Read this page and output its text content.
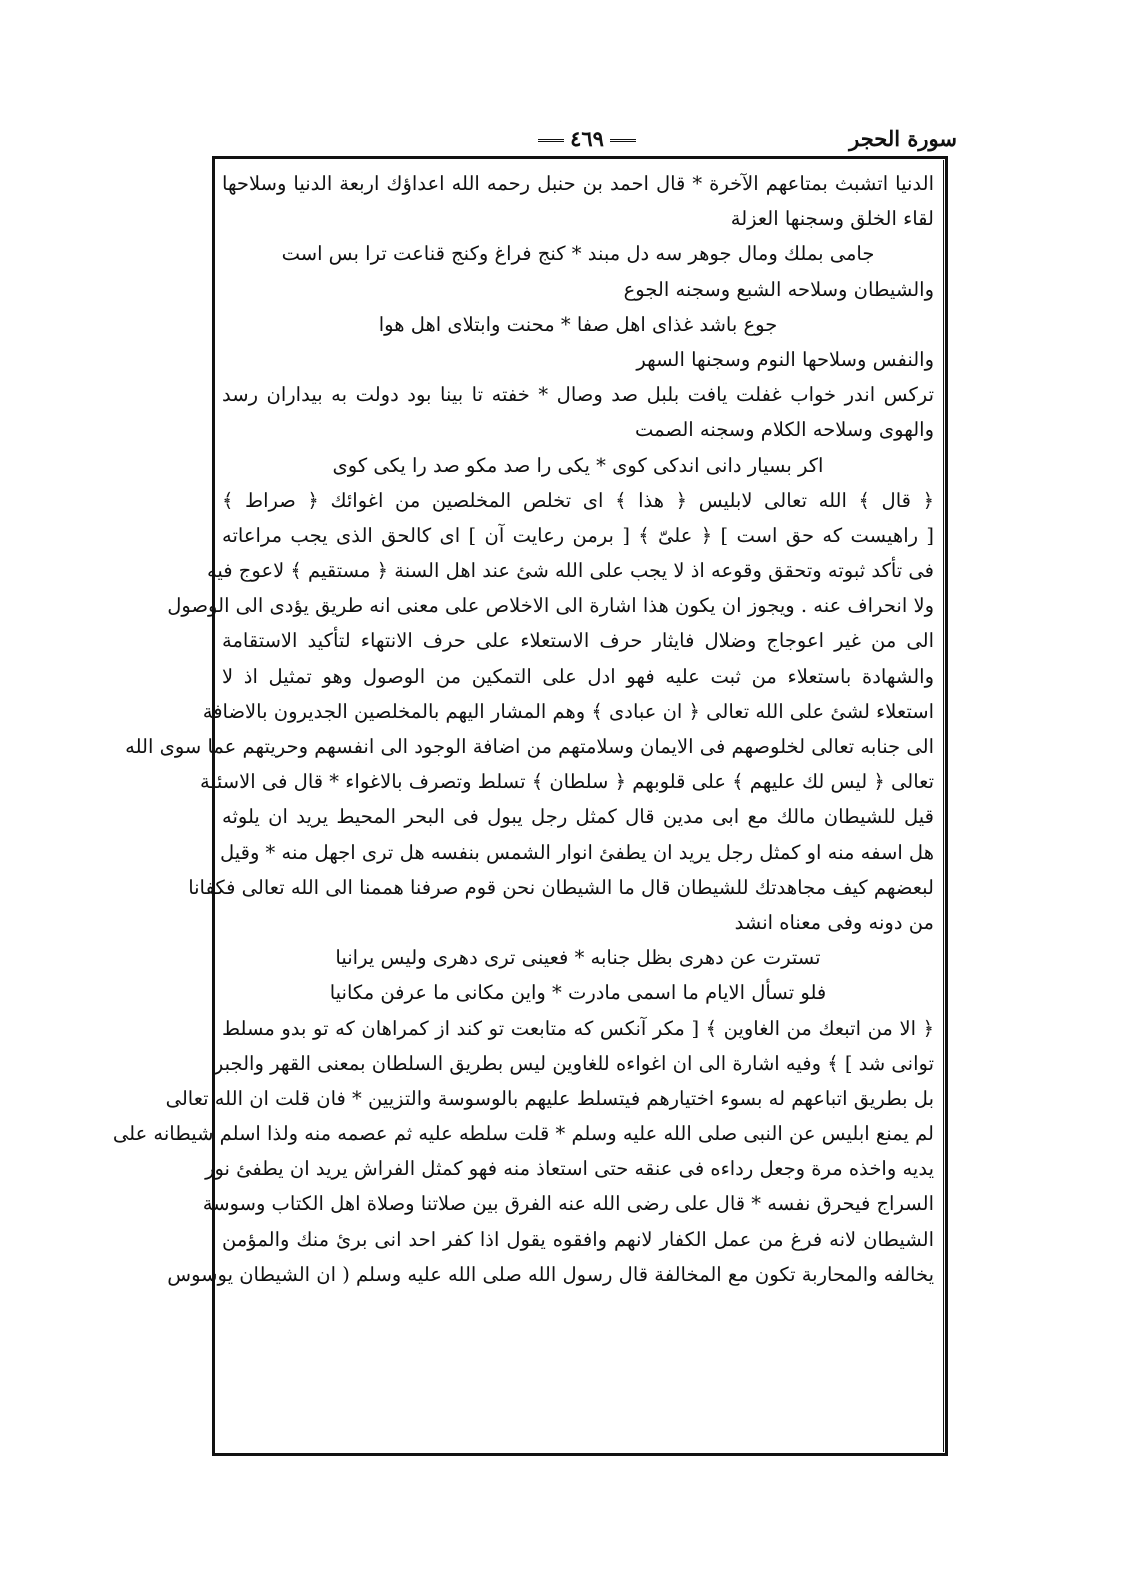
سورة الحجر
٤٦٩
الدنيا اتشبث بمتاعهم الآخرة * قال احمد بن حنبل رحمه الله اعداؤك اربعة الدنيا وسلاحها
لقاء الخلق وسجنها العزلة
جامى بملك ومال جوهر سه دل مبند * كنج فراغ وكنج قناعت ترا بس است
والشيطان وسلاحه الشبع وسجنه الجوع
جوع باشد غذاى اهل صفا * محنت وابتلاى اهل هوا
والنفس وسلاحها النوم وسجنها السهر
تركس اندر خواب غفلت يافت بلبل صد وصال * خفته تا بينا بود دولت به بيداران رسد
والهوى وسلاحه الكلام وسجنه الصمت
اكر بسيار دانى اندكى كوى * يكى را صد مكو صد را يكى كوى
﴿ قال ﴾ الله تعالى لابليس ﴿ هذا ﴾ اى تخلص المخلصين من اغوائك ﴿ صراط ﴾
[ راهيست كه حق است ] ﴿ علىّ ﴾ [ برمن رعايت آن ] اى كالحق الذى يجب مراعاته
فى تأكد ثبوته وتحقق وقوعه اذ لا يجب على الله شئ عند اهل السنة ﴿ مستقيم ﴾ لاعوج فيه
ولا انحراف عنه . ويجوز ان يكون هذا اشارة الى الاخلاص على معنى انه طريق يؤدى الى الوصول
الى من غير اعوجاج وضلال فايثار حرف الاستعلاء على حرف الانتهاء لتأكيد الاستقامة
والشهادة باستعلاء من ثبت عليه فهو ادل على التمكين من الوصول وهو تمثيل اذ لا
استعلاء لشئ على الله تعالى ﴿ ان عبادى ﴾ وهم المشار اليهم بالمخلصين الجديرون بالاضافة
الى جنابه تعالى لخلوصهم فى الايمان وسلامتهم من اضافة الوجود الى انفسهم وحريتهم عما سوى الله
تعالى ﴿ ليس لك عليهم ﴾ على قلوبهم ﴿ سلطان ﴾ تسلط وتصرف بالاغواء * قال فى الاسئلة
قيل للشيطان مالك مع ابى مدين قال كمثل رجل يبول فى البحر المحيط يريد ان يلوثه
هل اسفه منه او كمثل رجل يريد ان يطفئ انوار الشمس بنفسه هل ترى اجهل منه * وقيل
لبعضهم كيف مجاهدتك للشيطان قال ما الشيطان نحن قوم صرفنا هممنا الى الله تعالى فكفانا
من دونه وفى معناه انشد
تسترت عن دهرى بظل جنابه * فعينى ترى دهرى وليس يرانيا
فلو تسأل الايام ما اسمى مادرت * واين مكانى ما عرفن مكانيا
﴿ الا من اتبعك من الغاوين ﴾ [ مكر آنكس كه متابعت تو كند از كمراهان كه تو بدو مسلط
توانى شد ] ﴾ وفيه اشارة الى ان اغواءه للغاوين ليس بطريق السلطان بمعنى القهر والجبر
بل بطريق اتباعهم له بسوء اختيارهم فيتسلط عليهم بالوسوسة والتزيين * فان قلت ان الله تعالى
لم يمنع ابليس عن النبى صلى الله عليه وسلم * قلت سلطه عليه ثم عصمه منه ولذا اسلم شيطانه على
يديه واخذه مرة وجعل رداءه فى عنقه حتى استعاذ منه فهو كمثل الفراش يريد ان يطفئ نور
السراج فيحرق نفسه * قال على رضى الله عنه الفرق بين صلاتنا وصلاة اهل الكتاب وسوسة
الشيطان لانه فرغ من عمل الكفار لانهم وافقوه يقول اذا كفر احد انى برئ منك والمؤمن
يخالفه والمحاربة تكون مع المخالفة قال رسول الله صلى الله عليه وسلم ( ان الشيطان يوسوس
